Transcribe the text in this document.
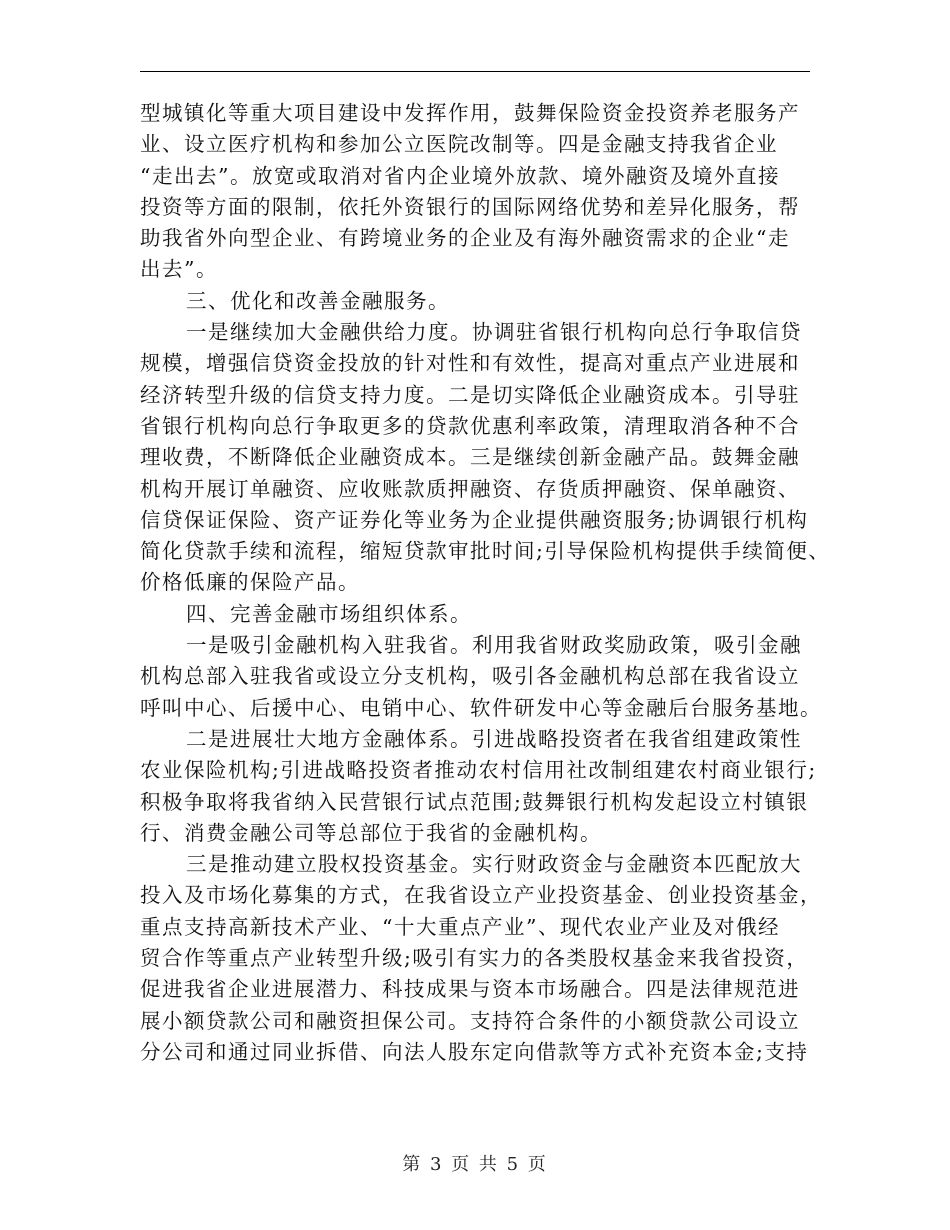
型城镇化等重大项目建设中发挥作用，鼓舞保险资金投资养老服务产
业、设立医疗机构和参加公立医院改制等。四是金融支持我省企业
“走出去”。放宽或取消对省内企业境外放款、境外融资及境外直接
投资等方面的限制，依托外资银行的国际网络优势和差异化服务，帮
助我省外向型企业、有跨境业务的企业及有海外融资需求的企业“走
出去”。
三、优化和改善金融服务。
一是继续加大金融供给力度。协调驻省银行机构向总行争取信贷
规模，增强信贷资金投放的针对性和有效性，提高对重点产业进展和
经济转型升级的信贷支持力度。二是切实降低企业融资成本。引导驻
省银行机构向总行争取更多的贷款优惠利率政策，清理取消各种不合
理收费，不断降低企业融资成本。三是继续创新金融产品。鼓舞金融
机构开展订单融资、应收账款质押融资、存货质押融资、保单融资、
信贷保证保险、资产证券化等业务为企业提供融资服务;协调银行机构
简化贷款手续和流程，缩短贷款审批时间;引导保险机构提供手续简便、
价格低廉的保险产品。
四、完善金融市场组织体系。
一是吸引金融机构入驻我省。利用我省财政奖励政策，吸引金融
机构总部入驻我省或设立分支机构，吸引各金融机构总部在我省设立
呼叫中心、后援中心、电销中心、软件研发中心等金融后台服务基地。
二是进展壮大地方金融体系。引进战略投资者在我省组建政策性
农业保险机构;引进战略投资者推动农村信用社改制组建农村商业银行;
积极争取将我省纳入民营银行试点范围;鼓舞银行机构发起设立村镇银
行、消费金融公司等总部位于我省的金融机构。
三是推动建立股权投资基金。实行财政资金与金融资本匹配放大
投入及市场化募集的方式，在我省设立产业投资基金、创业投资基金，
重点支持高新技术产业、“十大重点产业”、现代农业产业及对俄经
贸合作等重点产业转型升级;吸引有实力的各类股权基金来我省投资，
促进我省企业进展潜力、科技成果与资本市场融合。四是法律规范进
展小额贷款公司和融资担保公司。支持符合条件的小额贷款公司设立
分公司和通过同业拆借、向法人股东定向借款等方式补充资本金;支持
第 3 页 共 5 页
